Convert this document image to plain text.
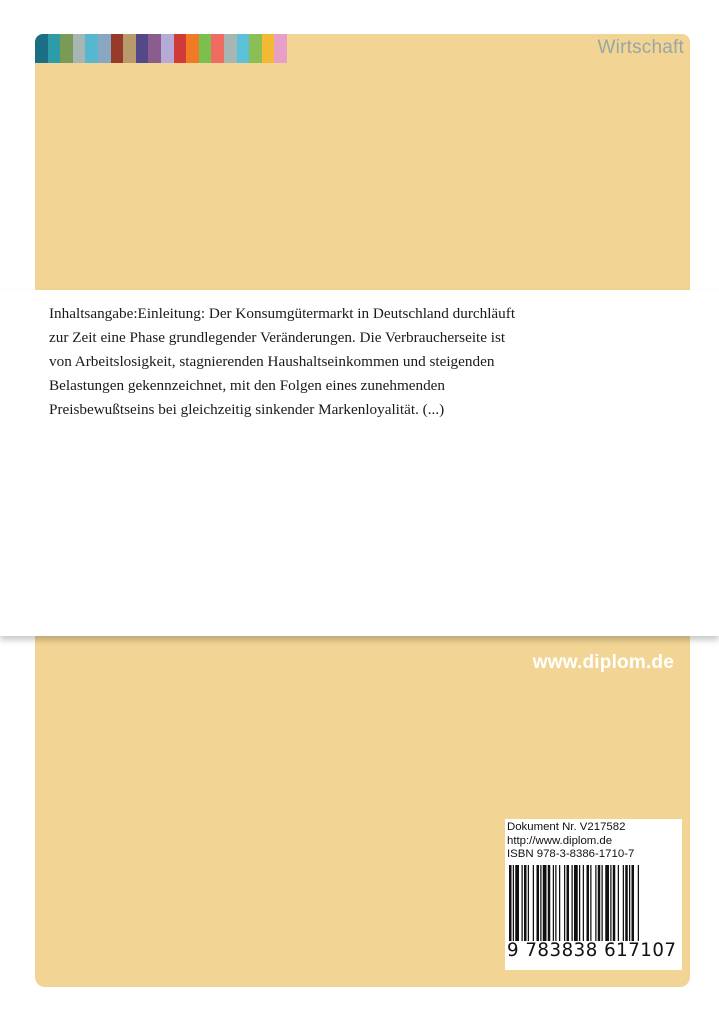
Wirtschaft
Inhaltsangabe:Einleitung: Der Konsumgütermarkt in Deutschland durchläuft
zur Zeit eine Phase grundlegender Veränderungen. Die Verbraucherseite ist
von Arbeitslosigkeit, stagnierenden Haushaltseinkommen und steigenden
Belastungen gekennzeichnet, mit den Folgen eines zunehmenden
Preisbewußtseins bei gleichzeitig sinkender Markenloyalität. (...)
www.diplom.de
Dokument Nr. V217582
http://www.diplom.de
ISBN 978-3-8386-1710-7
9 783838 617107
